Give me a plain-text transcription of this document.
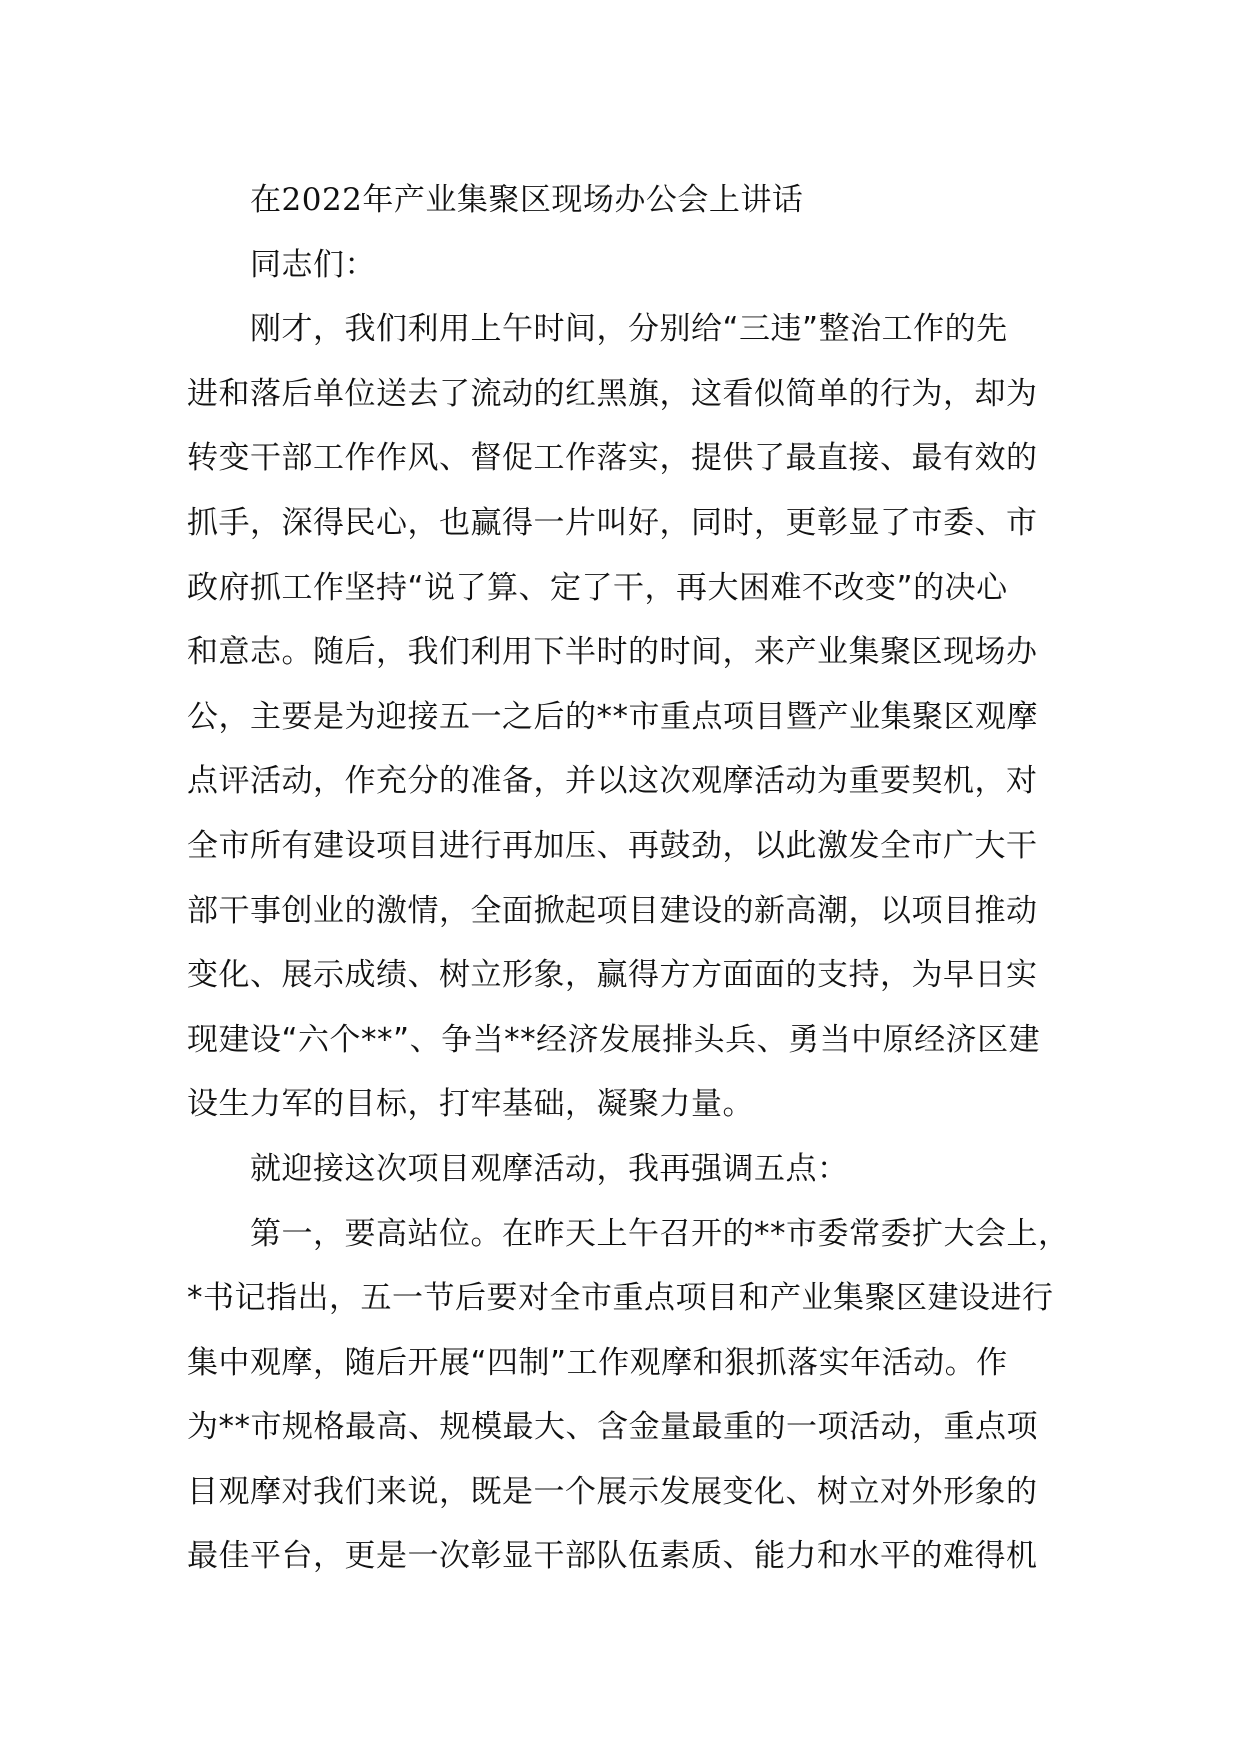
在2022年产业集聚区现场办公会上讲话
同志们：
刚才，我们利用上午时间，分别给“三违”整治工作的先
进和落后单位送去了流动的红黑旗，这看似简单的行为，却为
转变干部工作作风、督促工作落实，提供了最直接、最有效的
抓手，深得民心，也赢得一片叫好，同时，更彰显了市委、市
政府抓工作坚持“说了算、定了干，再大困难不改变”的决心
和意志。随后，我们利用下半时的时间，来产业集聚区现场办
公，主要是为迎接五一之后的**市重点项目暨产业集聚区观摩
点评活动，作充分的准备，并以这次观摩活动为重要契机，对
全市所有建设项目进行再加压、再鼓劲，以此激发全市广大干
部干事创业的激情，全面掀起项目建设的新高潮，以项目推动
变化、展示成绩、树立形象，赢得方方面面的支持，为早日实
现建设“六个**”、争当**经济发展排头兵、勇当中原经济区建
设生力军的目标，打牢基础，凝聚力量。
就迎接这次项目观摩活动，我再强调五点：
第一，要高站位。在昨天上午召开的**市委常委扩大会上，
*书记指出，五一节后要对全市重点项目和产业集聚区建设进行
集中观摩，随后开展“四制”工作观摩和狠抓落实年活动。作
为**市规格最高、规模最大、含金量最重的一项活动，重点项
目观摩对我们来说，既是一个展示发展变化、树立对外形象的
最佳平台，更是一次彰显干部队伍素质、能力和水平的难得机
